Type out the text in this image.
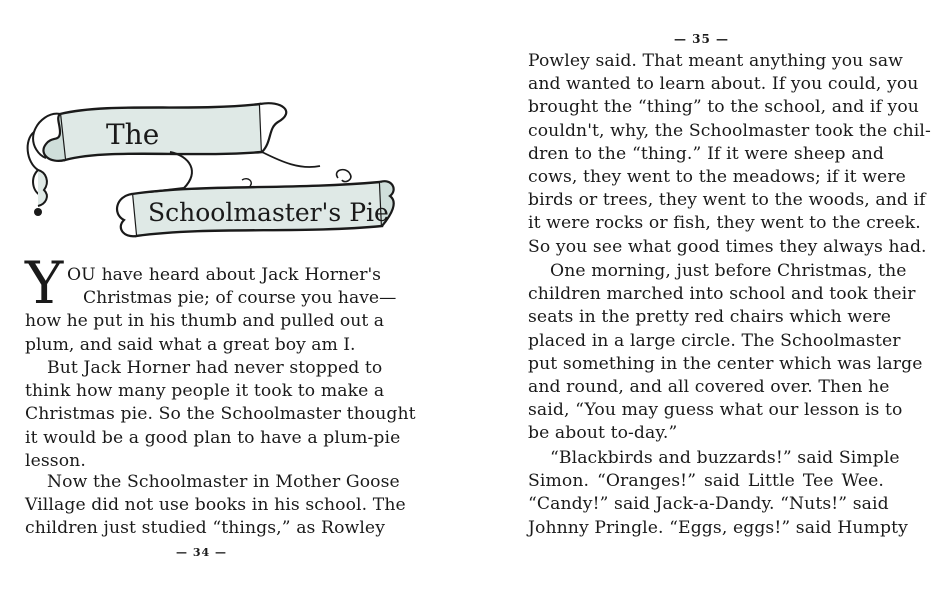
The
Schoolmaster's Pie
Y OU have heard about Jack Horner's
Christmas pie; of course you have—
how he put in his thumb and pulled out a
plum, and said what a great boy am I.

But Jack Horner had never stopped to
think how many people it took to make a
Christmas pie. So the Schoolmaster thought
it would be a good plan to have a plum-pie
lesson.

Now the Schoolmaster in Mother Goose
Village did not use books in his school. The
children just studied “things,” as Rowley

— 34 —
— 35 —

Powley said. That meant anything you saw
and wanted to learn about. If you could, you
brought the “thing” to the school, and if you
couldn't, why, the Schoolmaster took the chil-
dren to the “thing.” If it were sheep and
cows, they went to the meadows; if it were
birds or trees, they went to the woods, and if
it were rocks or fish, they went to the creek.
So you see what good times they always had.

One morning, just before Christmas, the
children marched into school and took their
seats in the pretty red chairs which were
placed in a large circle. The Schoolmaster
put something in the center which was large
and round, and all covered over. Then he
said, “You may guess what our lesson is to
be about to-day.”

“Blackbirds and buzzards!” said Simple
Simon. “Oranges!” said Little Tee Wee.
“Candy!” said Jack-a-Dandy. “Nuts!” said
Johnny Pringle. “Eggs, eggs!” said Humpty
